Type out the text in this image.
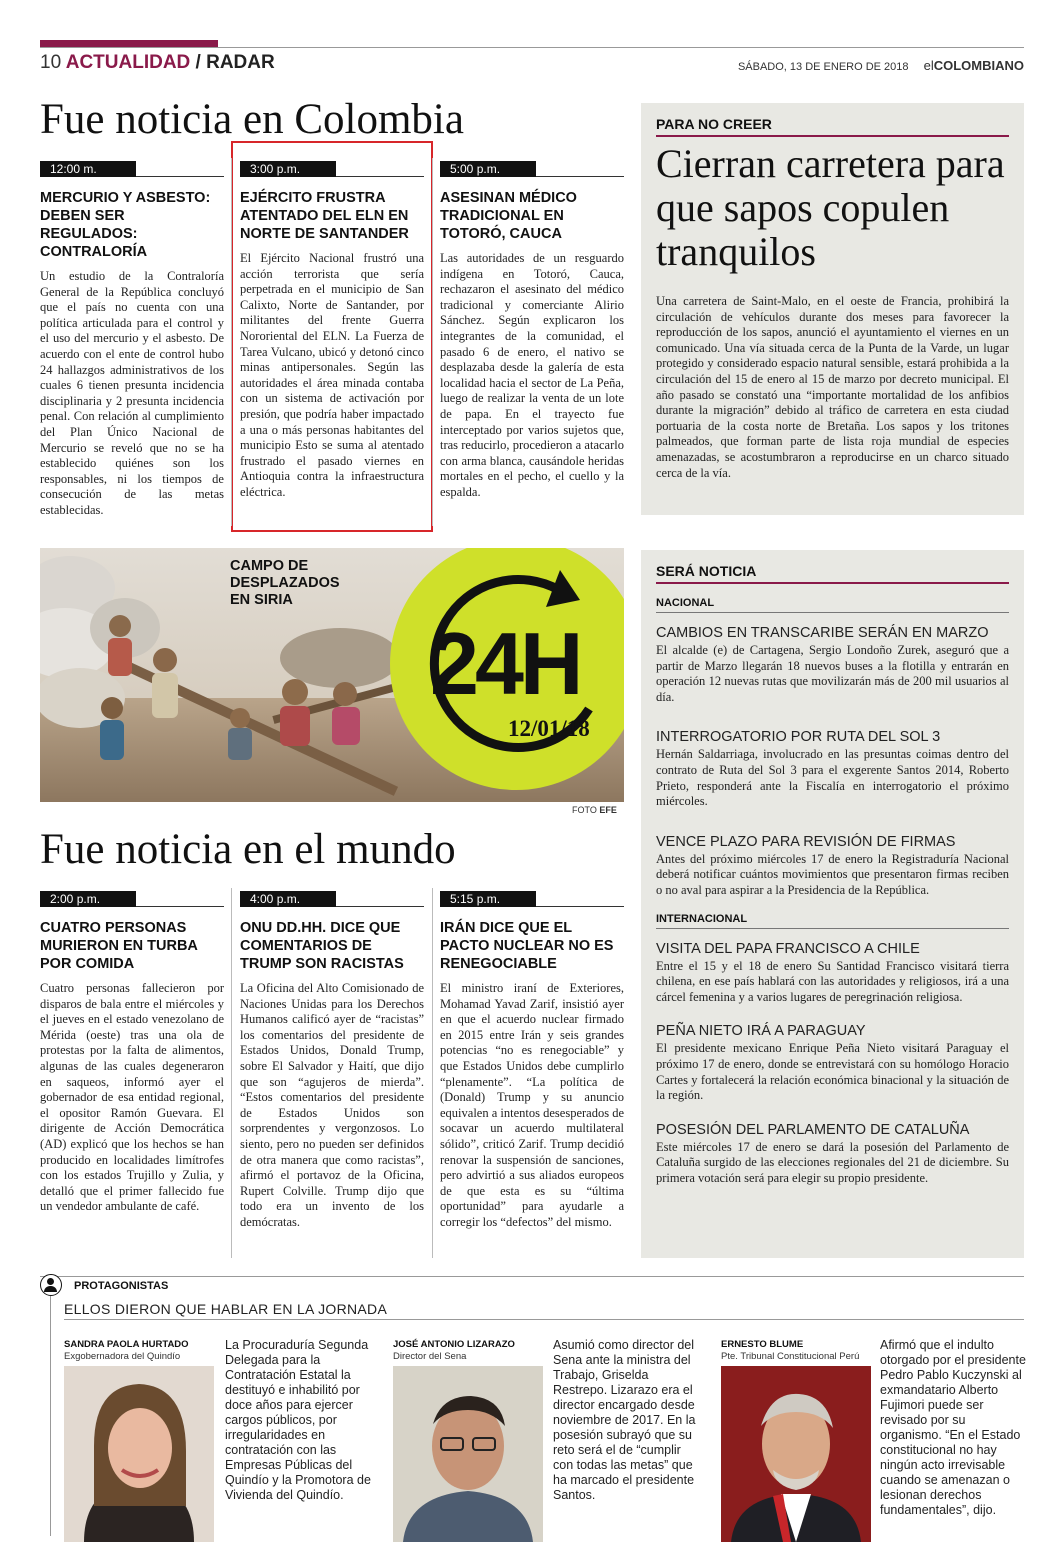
10 ACTUALIDAD / RADAR	SÁBADO, 13 DE ENERO DE 2018 elCOLOMBIANO
Fue noticia en Colombia
12:00 m.
MERCURIO Y ASBESTO: DEBEN SER REGULADOS: CONTRALORÍA
Un estudio de la Contraloría General de la República concluyó que el país no cuenta con una política articulada para el control y el uso del mercurio y el asbesto. De acuerdo con el ente de control hubo 24 hallazgos administrativos de los cuales 6 tienen presunta incidencia disciplinaria y 2 presunta incidencia penal. Con relación al cumplimiento del Plan Único Nacional de Mercurio se reveló que no se ha establecido quiénes son los responsables, ni los tiempos de consecución de las metas establecidas.
3:00 p.m.
EJÉRCITO FRUSTRA ATENTADO DEL ELN EN NORTE DE SANTANDER
El Ejército Nacional frustró una acción terrorista que sería perpetrada en el municipio de San Calixto, Norte de Santander, por militantes del frente Guerra Nororiental del ELN. La Fuerza de Tarea Vulcano, ubicó y detonó cinco minas antipersonales. Según las autoridades el área minada contaba con un sistema de activación por presión, que podría haber impactado a una o más personas habitantes del municipio Esto se suma al atentado frustrado el pasado viernes en Antioquia contra la infraestructura eléctrica.
5:00 p.m.
ASESINAN MÉDICO TRADICIONAL EN TOTORÓ, CAUCA
Las autoridades de un resguardo indígena en Totoró, Cauca, rechazaron el asesinato del médico tradicional y comerciante Alirio Sánchez. Según explicaron los integrantes de la comunidad, el pasado 6 de enero, el nativo se desplazaba desde la galería de esta localidad hacia el sector de La Peña, luego de realizar la venta de un lote de papa. En el trayecto fue interceptado por varios sujetos que, tras reducirlo, procedieron a atacarlo con arma blanca, causándole heridas mortales en el pecho, el cuello y la espalda.
PARA NO CREER
Cierran carretera para que sapos copulen tranquilos
Una carretera de Saint-Malo, en el oeste de Francia, prohibirá la circulación de vehículos durante dos meses para favorecer la reproducción de los sapos, anunció el ayuntamiento el viernes en un comunicado. Una vía situada cerca de la Punta de la Varde, un lugar protegido y considerado espacio natural sensible, estará prohibida a la circulación del 15 de enero al 15 de marzo por decreto municipal. El año pasado se constató una “importante mortalidad de los anfibios durante la migración” debido al tráfico de carretera en esta ciudad portuaria de la costa norte de Bretaña. Los sapos y los tritones palmeados, que forman parte de lista roja mundial de especies amenazadas, se acostumbraron a reproducirse en un charco situado cerca de la vía.
CAMPO DE DESPLAZADOS EN SIRIA
24H
12/01/18
FOTO EFE
Fue noticia en el mundo
2:00 p.m.
CUATRO PERSONAS MURIERON EN TURBA POR COMIDA
Cuatro personas fallecieron por disparos de bala entre el miércoles y el jueves en el estado venezolano de Mérida (oeste) tras una ola de protestas por la falta de alimentos, algunas de las cuales degeneraron en saqueos, informó ayer el gobernador de esa entidad regional, el opositor Ramón Guevara. El dirigente de Acción Democrática (AD) explicó que los hechos se han producido en localidades limítrofes con los estados Trujillo y Zulia, y detalló que el primer fallecido fue un vendedor ambulante de café.
4:00 p.m.
ONU DD.HH. DICE QUE COMENTARIOS DE TRUMP SON RACISTAS
La Oficina del Alto Comisionado de Naciones Unidas para los Derechos Humanos calificó ayer de “racistas” los comentarios del presidente de Estados Unidos, Donald Trump, sobre El Salvador y Haití, que dijo que son “agujeros de mierda”. “Estos comentarios del presidente de Estados Unidos son sorprendentes y vergonzosos. Lo siento, pero no pueden ser definidos de otra manera que como racistas”, afirmó el portavoz de la Oficina, Rupert Colville. Trump dijo que todo era un invento de los demócratas.
5:15 p.m.
IRÁN DICE QUE EL PACTO NUCLEAR NO ES RENEGOCIABLE
El ministro iraní de Exteriores, Mohamad Yavad Zarif, insistió ayer en que el acuerdo nuclear firmado en 2015 entre Irán y seis grandes potencias “no es renegociable” y que Estados Unidos debe cumplirlo “plenamente”. “La política de (Donald) Trump y su anuncio equivalen a intentos desesperados de socavar un acuerdo multilateral sólido”, criticó Zarif. Trump decidió renovar la suspensión de sanciones, pero advirtió a sus aliados europeos de que esta es su “última oportunidad” para ayudarle a corregir los “defectos” del mismo.
SERÁ NOTICIA
NACIONAL
CAMBIOS EN TRANSCARIBE SERÁN EN MARZO
El alcalde (e) de Cartagena, Sergio Londoño Zurek, aseguró que a partir de Marzo llegarán 18 nuevos buses a la flotilla y entrarán en operación 12 nuevas rutas que movilizarán más de 200 mil usuarios al día.
INTERROGATORIO POR RUTA DEL SOL 3
Hernán Saldarriaga, involucrado en las presuntas coimas dentro del contrato de Ruta del Sol 3 para el exgerente Santos 2014, Roberto Prieto, responderá ante la Fiscalía en interrogatorio el próximo miércoles.
VENCE PLAZO PARA REVISIÓN DE FIRMAS
Antes del próximo miércoles 17 de enero la Registraduría Nacional deberá notificar cuántos movimientos que presentaron firmas reciben o no aval para aspirar a la Presidencia de la República.
INTERNACIONAL
VISITA DEL PAPA FRANCISCO A CHILE
Entre el 15 y el 18 de enero Su Santidad Francisco visitará tierra chilena, en ese país hablará con las autoridades y religiosos, irá a una cárcel femenina y a varios lugares de peregrinación religiosa.
PEÑA NIETO IRÁ A PARAGUAY
El presidente mexicano Enrique Peña Nieto visitará Paraguay el próximo 17 de enero, donde se entrevistará con su homólogo Horacio Cartes y fortalecerá la relación económica binacional y la situación de la región.
POSESIÓN DEL PARLAMENTO DE CATALUÑA
Este miércoles 17 de enero se dará la posesión del Parlamento de Cataluña surgido de las elecciones regionales del 21 de diciembre. Su primera votación será para elegir su propio presidente.
PROTAGONISTAS
ELLOS DIERON QUE HABLAR EN LA JORNADA
SANDRA PAOLA HURTADO
Exgobernadora del Quindío
La Procuraduría Segunda Delegada para la Contratación Estatal la destituyó e inhabilitó por doce años para ejercer cargos públicos, por irregularidades en contratación con las Empresas Públicas del Quindío y la Promotora de Vivienda del Quindío.
JOSÉ ANTONIO LIZARAZO
Director del Sena
Asumió como director del Sena ante la ministra del Trabajo, Griselda Restrepo. Lizarazo era el director encargado desde noviembre de 2017. En la posesión subrayó que su reto será el de “cumplir con todas las metas” que ha marcado el presidente Santos.
ERNESTO BLUME
Pte. Tribunal Constitucional Perú
Afirmó que el indulto otorgado por el presidente Pedro Pablo Kuczynski al exmandatario Alberto Fujimori puede ser revisado por su organismo. “En el Estado constitucional no hay ningún acto irrevisable cuando se amenazan o lesionan derechos fundamentales”, dijo.
